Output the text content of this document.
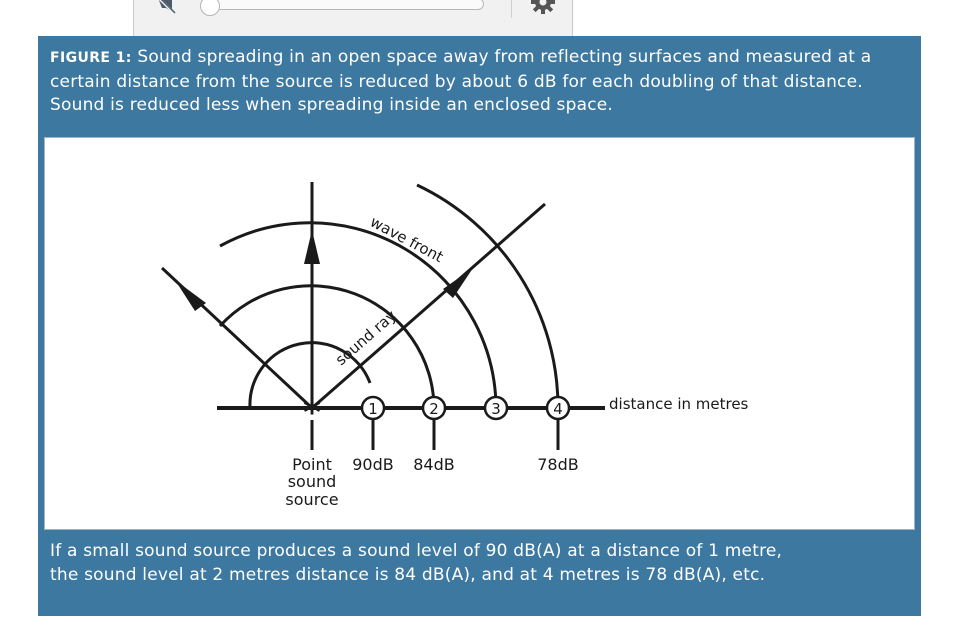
FIGURE 1: Sound spreading in an open space away from reflecting surfaces and measured at a certain distance from the source is reduced by about 6 dB for each doubling of that distance. Sound is reduced less when spreading inside an enclosed space.
*	1	2	3	4
90dB 84dB	78dB
Point
sound
source
distance in metres
wave front
sound ray
If a small sound source produces a sound level of 90 dB(A) at a distance of 1 metre,
the sound level at 2 metres distance is 84 dB(A), and at 4 metres is 78 dB(A), etc.
